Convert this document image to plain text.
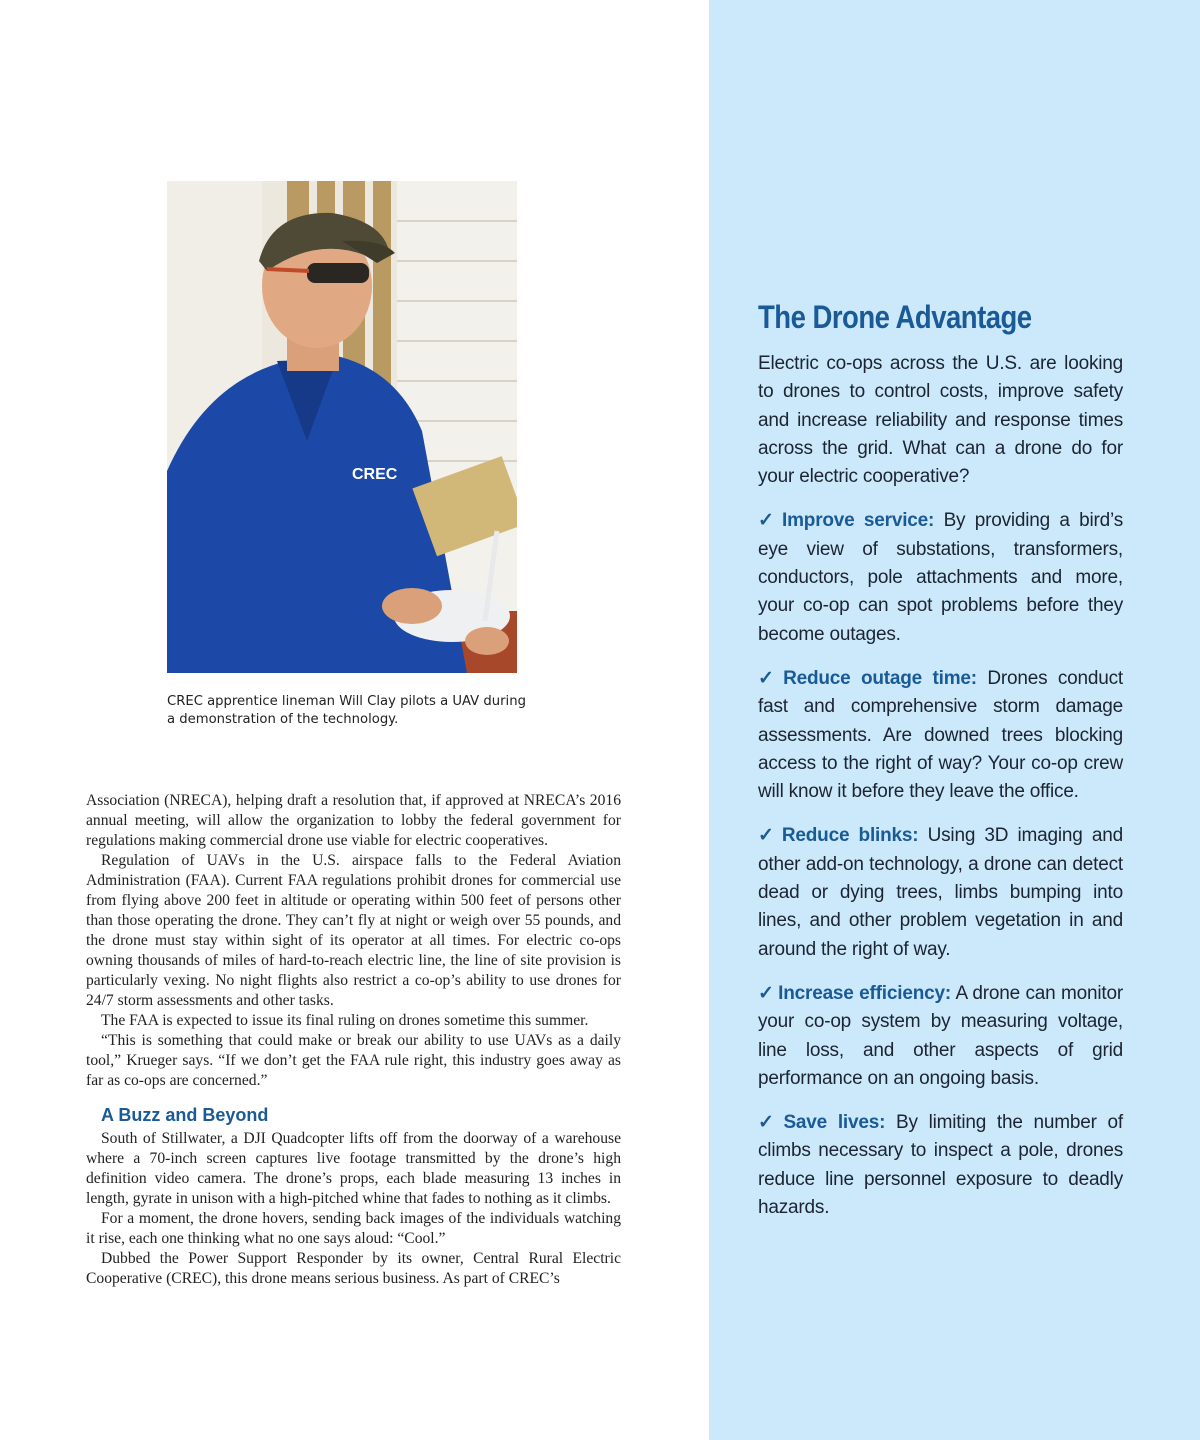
CREC
CREC apprentice lineman Will Clay pilots a UAV during a demonstration of the technology.

Association (NRECA), helping draft a resolution that, if approved at NRECA’s 2016 annual meeting, will allow the organization to lobby the federal government for regulations making commercial drone use viable for electric cooperatives.

Regulation of UAVs in the U.S. airspace falls to the Federal Aviation Administration (FAA). Current FAA regulations prohibit drones for commercial use from flying above 200 feet in altitude or operating within 500 feet of persons other than those operating the drone. They can’t fly at night or weigh over 55 pounds, and the drone must stay within sight of its operator at all times. For electric co-ops owning thousands of miles of hard-to-reach electric line, the line of site provision is particularly vexing. No night flights also restrict a co-op’s ability to use drones for 24/7 storm assessments and other tasks.

The FAA is expected to issue its final ruling on drones sometime this summer.

“This is something that could make or break our ability to use UAVs as a daily tool,” Krueger says. “If we don’t get the FAA rule right, this industry goes away as far as co-ops are concerned.”

A Buzz and Beyond

South of Stillwater, a DJI Quadcopter lifts off from the doorway of a warehouse where a 70-inch screen captures live footage transmitted by the drone’s high definition video camera. The drone’s props, each blade measuring 13 inches in length, gyrate in unison with a high-pitched whine that fades to nothing as it climbs.

For a moment, the drone hovers, sending back images of the individuals watching it rise, each one thinking what no one says aloud: “Cool.”

Dubbed the Power Support Responder by its owner, Central Rural Electric Cooperative (CREC), this drone means serious business. As part of CREC’s

The Drone Advantage

Electric co-ops across the U.S. are looking to drones to control costs, improve safety and increase reliability and response times across the grid. What can a drone do for your electric cooperative?

✓ Improve service: By providing a bird’s eye view of substations, transformers, conductors, pole attachments and more, your co-op can spot problems before they become outages.

✓ Reduce outage time: Drones conduct fast and comprehensive storm damage assessments. Are downed trees blocking access to the right of way? Your co-op crew will know it before they leave the office.

✓ Reduce blinks: Using 3D imaging and other add-on technology, a drone can detect dead or dying trees, limbs bumping into lines, and other problem vegetation in and around the right of way.

✓ Increase efficiency: A drone can monitor your co-op system by measuring voltage, line loss, and other aspects of grid performance on an ongoing basis.

✓ Save lives: By limiting the number of climbs necessary to inspect a pole, drones reduce line personnel exposure to deadly hazards.
